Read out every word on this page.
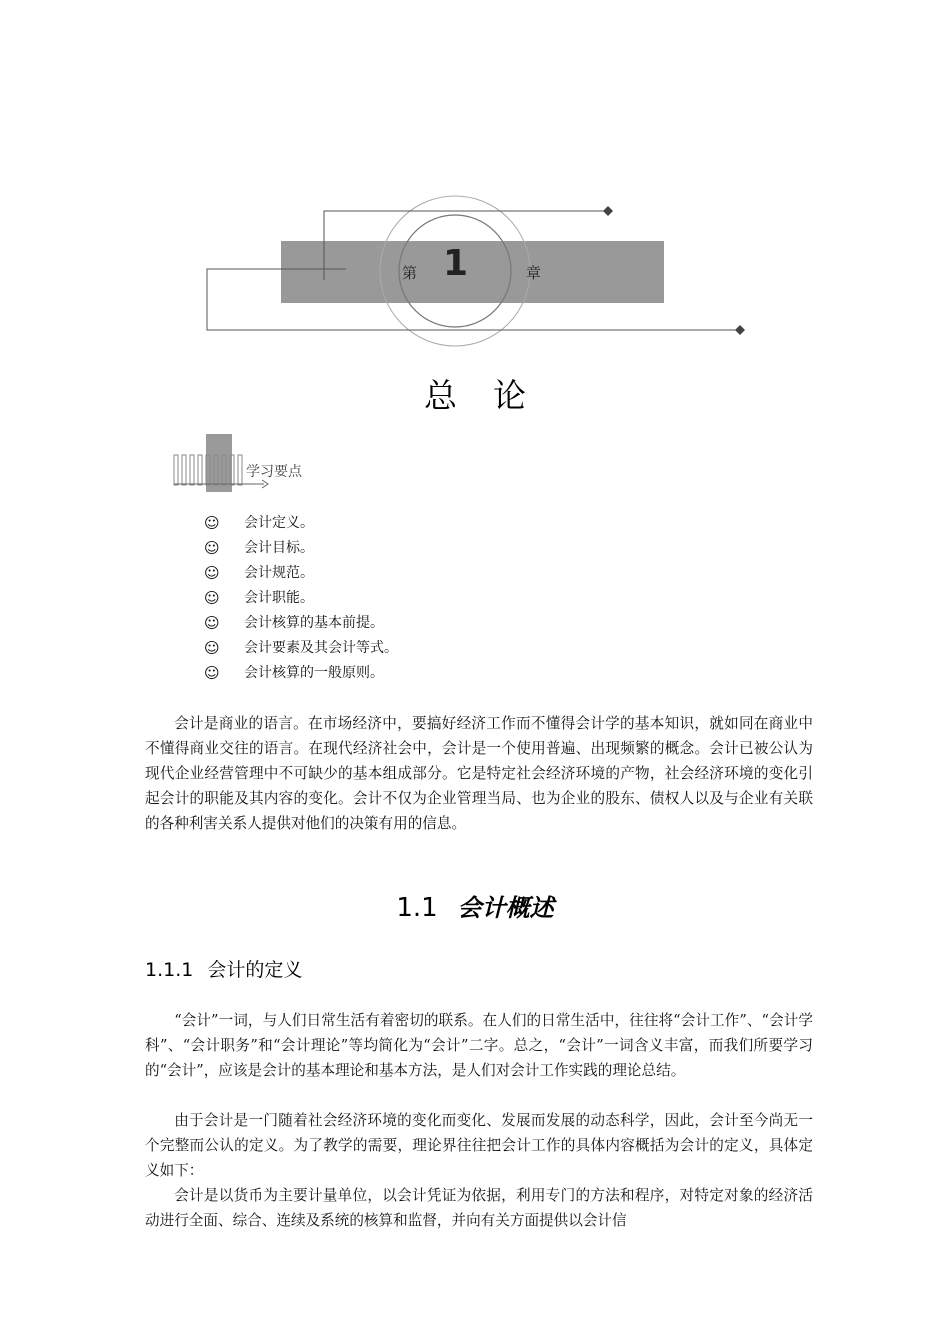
第 1	章
总论
学习要点
☺	会计定义。
☺	会计目标。
☺	会计规范。
☺	会计职能。
☺	会计核算的基本前提。
☺	会计要素及其会计等式。
☺	会计核算的一般原则。

会计是商业的语言。在市场经济中，要搞好经济工作而不懂得会计学的基本知识，就如同在商业中不懂得商业交往的语言。在现代经济社会中，会计是一个使用普遍、出现频繁的概念。会计已被公认为现代企业经营管理中不可缺少的基本组成部分。它是特定社会经济环境的产物，社会经济环境的变化引起会计的职能及其内容的变化。会计不仅为企业管理当局、也为企业的股东、债权人以及与企业有关联的各种利害关系人提供对他们的决策有用的信息。

1.1 会计概述
1.1.1 会计的定义

“会计”一词，与人们日常生活有着密切的联系。在人们的日常生活中，往往将“会计工作”、“会计学科”、“会计职务”和“会计理论”等均简化为“会计”二字。总之，“会计”一词含义丰富，而我们所要学习的“会计”，应该是会计的基本理论和基本方法，是人们对会计工作实践的理论总结。

由于会计是一门随着社会经济环境的变化而变化、发展而发展的动态科学，因此，会计至今尚无一个完整而公认的定义。为了教学的需要，理论界往往把会计工作的具体内容概括为会计的定义，具体定义如下：

会计是以货币为主要计量单位，以会计凭证为依据，利用专门的方法和程序，对特定对象的经济活动进行全面、综合、连续及系统的核算和监督，并向有关方面提供以会计信
